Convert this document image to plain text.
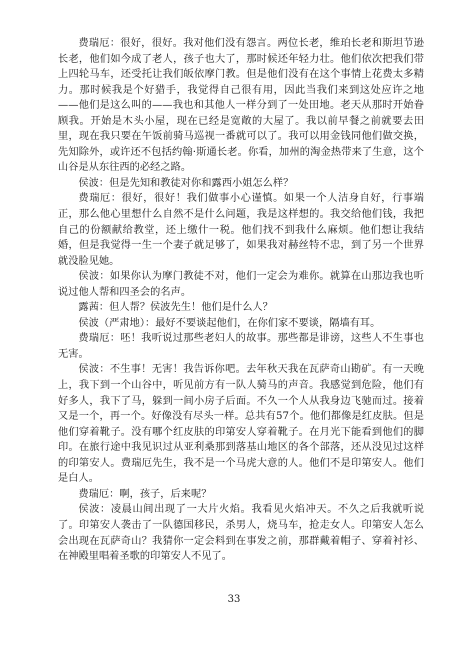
费瑞厄：很好，很好。我对他们没有怨言。两位长老，维珀长老和斯坦节逊长老，他们如今成了老人，孩子也大了，那时候还年轻力壮。他们依次把我们带上四轮马车，还受托让我们皈依摩门教。但是他们没有在这个事情上花费太多精力。那时候我是个好猎手，我觉得自己很有用，因此当我们来到这处应许之地——他们是这么叫的——我也和其他人一样分到了一处田地。老天从那时开始眷顾我。开始是木头小屋，现在已经是宽敞的大屋了。我以前早餐之前就要去田里，现在我只要在午饭前骑马巡视一番就可以了。我可以用金钱同他们做交换，先知除外，或许还不包括约翰·斯通长老。你看，加州的淘金热带来了生意，这个山谷是从东往西的必经之路。

侯波：但是先知和教徒对你和露西小姐怎么样？

费瑞厄：很好，很好！我们做事小心谨慎。如果一个人洁身自好，行事端正，那么他心里想什么自然不是什么问题，我是这样想的。我交给他们钱，我把自己的份额献给教堂，还上缴什一税。他们找不到我什么麻烦。他们想让我结婚，但是我觉得一生一个妻子就足够了，如果我对赫丝特不忠，到了另一个世界就没脸见她。

侯波：如果你认为摩门教徒不对，他们一定会为难你。就算在山那边我也听说过他人帮和四圣会的名声。

露茜：但人帮？侯波先生！他们是什么人？

侯波（严肃地）：最好不要谈起他们，在你们家不要谈，隔墙有耳。

费瑞厄：呸！我听说过那些老妇人的故事。那些都是诽谤，这些人不生事也无害。

侯波：不生事！无害！我告诉你吧。去年秋天我在瓦萨奇山勘矿。有一天晚上，我下到一个山谷中，听见前方有一队人骑马的声音。我感觉到危险，他们有好多人，我下了马，躲到一间小房子后面。不久一个人从我身边飞驰而过。接着又是一个，再一个。好像没有尽头一样。总共有57个。他们都像是红皮肤。但是他们穿着靴子。没有哪个红皮肤的印第安人穿着靴子。在月光下能看到他们的脚印。在旅行途中我见识过从亚利桑那到落基山地区的各个部落，还从没见过这样的印第安人。费瑞厄先生，我不是一个马虎大意的人。他们不是印第安人。他们是白人。

费瑞厄：啊，孩子，后来呢？

侯波：凌晨山间出现了一大片火焰。我看见火焰冲天。不久之后我就听说了。印第安人袭击了一队德国移民，杀男人，烧马车，抢走女人。印第安人怎么会出现在瓦萨奇山？我猜你一定会料到在事发之前，那群戴着帽子、穿着衬衫、在神殿里唱着圣歌的印第安人不见了。

33
